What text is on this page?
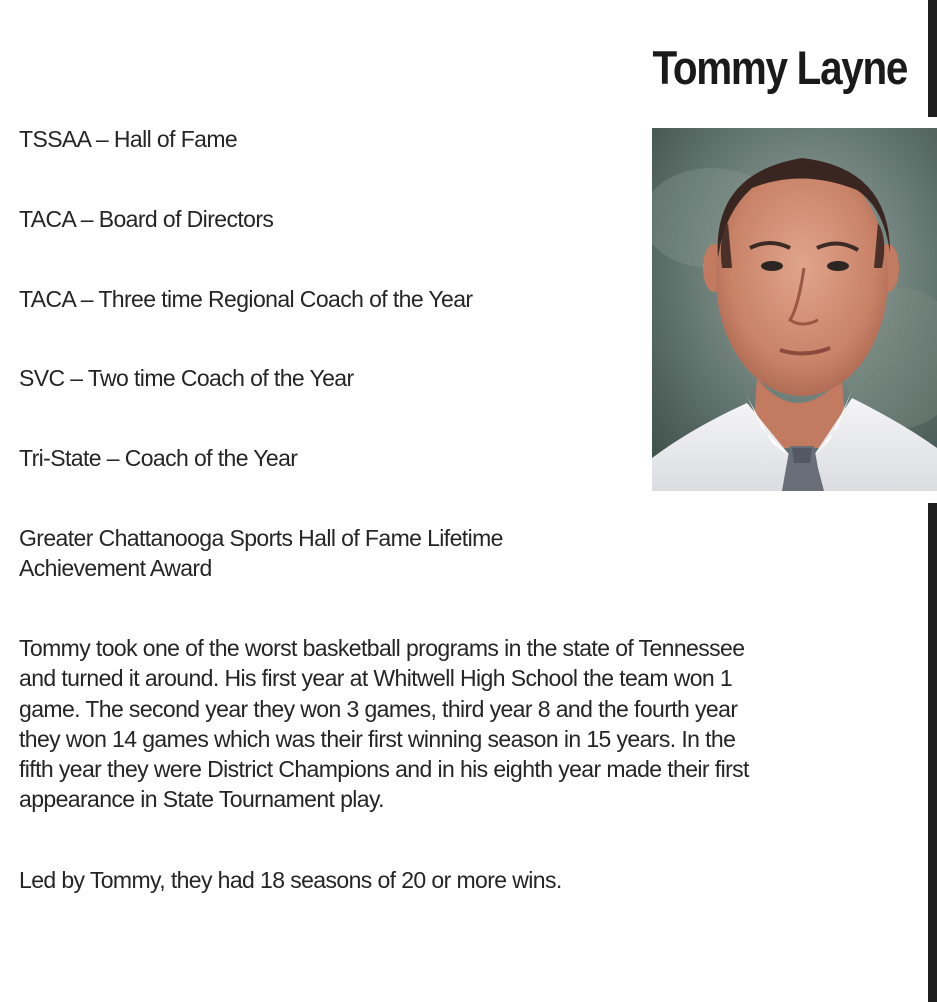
Tommy Layne

TSSAA – Hall of Fame

TACA – Board of Directors

TACA – Three time Regional Coach of the Year

SVC – Two time Coach of the Year

Tri-State – Coach of the Year

Greater Chattanooga Sports Hall of Fame Lifetime

Achievement Award

Tommy took one of the worst basketball programs in the state of Tennessee

and turned it around. His first year at Whitwell High School the team won 1

game. The second year they won 3 games, third year 8 and the fourth year

they won 14 games which was their first winning season in 15 years. In the

fifth year they were District Champions and in his eighth year made their first

appearance in State Tournament play.

Led by Tommy, they had 18 seasons of 20 or more wins.
